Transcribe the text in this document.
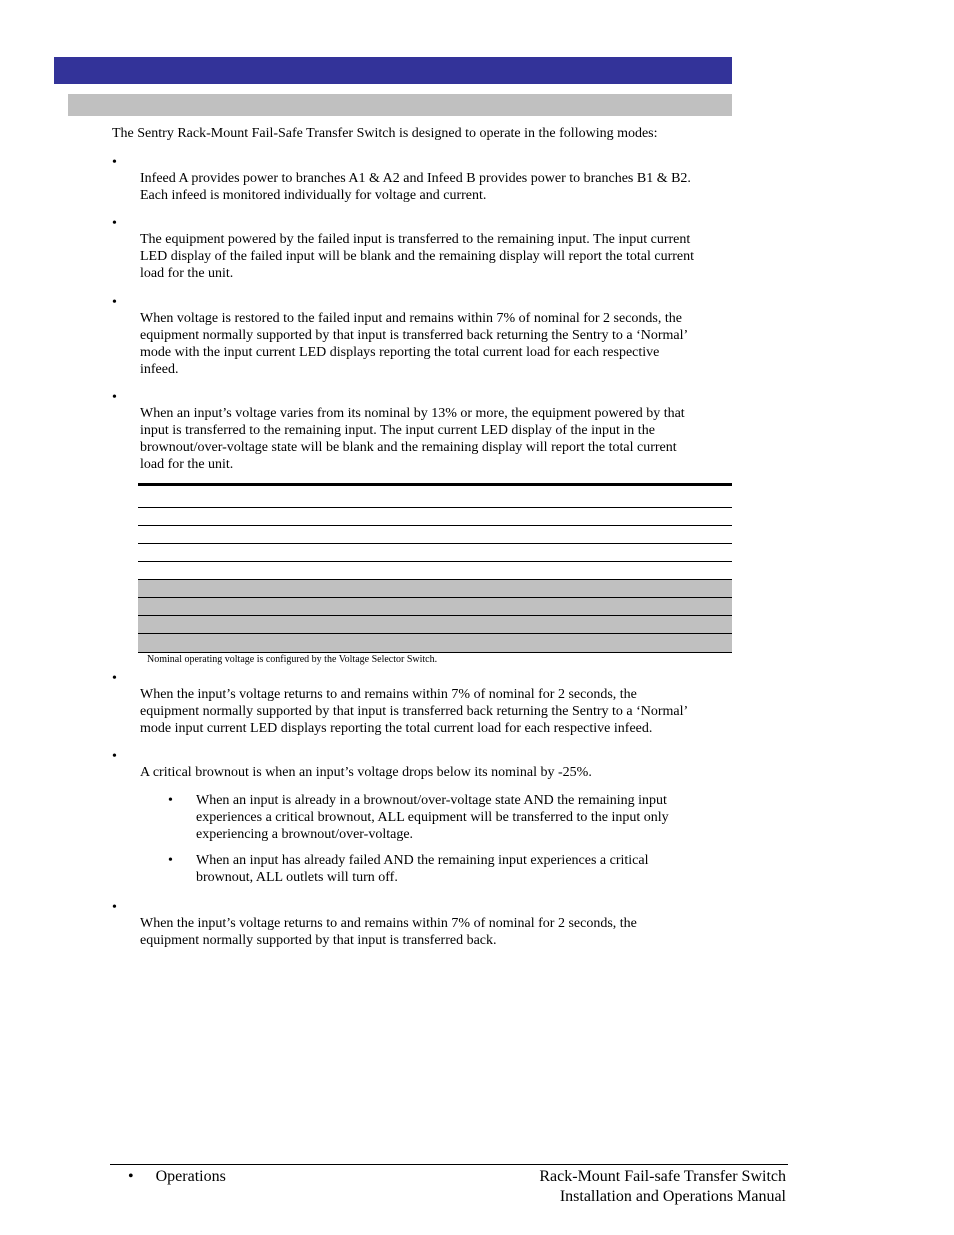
The Sentry Rack-Mount Fail-Safe Transfer Switch is designed to operate in the following modes:
•

Infeed A provides power to branches A1 & A2 and Infeed B provides power to branches B1 & B2.

Each infeed is monitored individually for voltage and current.

•

The equipment powered by the failed input is transferred to the remaining input. The input current

LED display of the failed input will be blank and the remaining display will report the total current

load for the unit.

•

When voltage is restored to the failed input and remains within 7% of nominal for 2 seconds, the

equipment normally supported by that input is transferred back returning the Sentry to a ‘Normal’

mode with the input current LED displays reporting the total current load for each respective

infeed.

•

When an input’s voltage varies from its nominal by 13% or more, the equipment powered by that

input is transferred to the remaining input. The input current LED display of the input in the

brownout/over-voltage state will be blank and the remaining display will report the total current

load for the unit.

Nominal operating voltage is configured by the Voltage Selector Switch.
•

When the input’s voltage returns to and remains within 7% of nominal for 2 seconds, the

equipment normally supported by that input is transferred back returning the Sentry to a ‘Normal’

mode input current LED displays reporting the total current load for each respective infeed.

•

A critical brownout is when an input’s voltage drops below its nominal by -25%.

• When an input is already in a brownout/over-voltage state AND the remaining input
experiences a critical brownout, ALL equipment will be transferred to the input only
experiencing a brownout/over-voltage.
• When an input has already failed AND the remaining input experiences a critical
brownout, ALL outlets will turn off.
•

When the input’s voltage returns to and remains within 7% of nominal for 2 seconds, the

equipment normally supported by that input is transferred back.

• Operations	Rack-Mount Fail-safe Transfer Switch
Installation and Operations Manual
